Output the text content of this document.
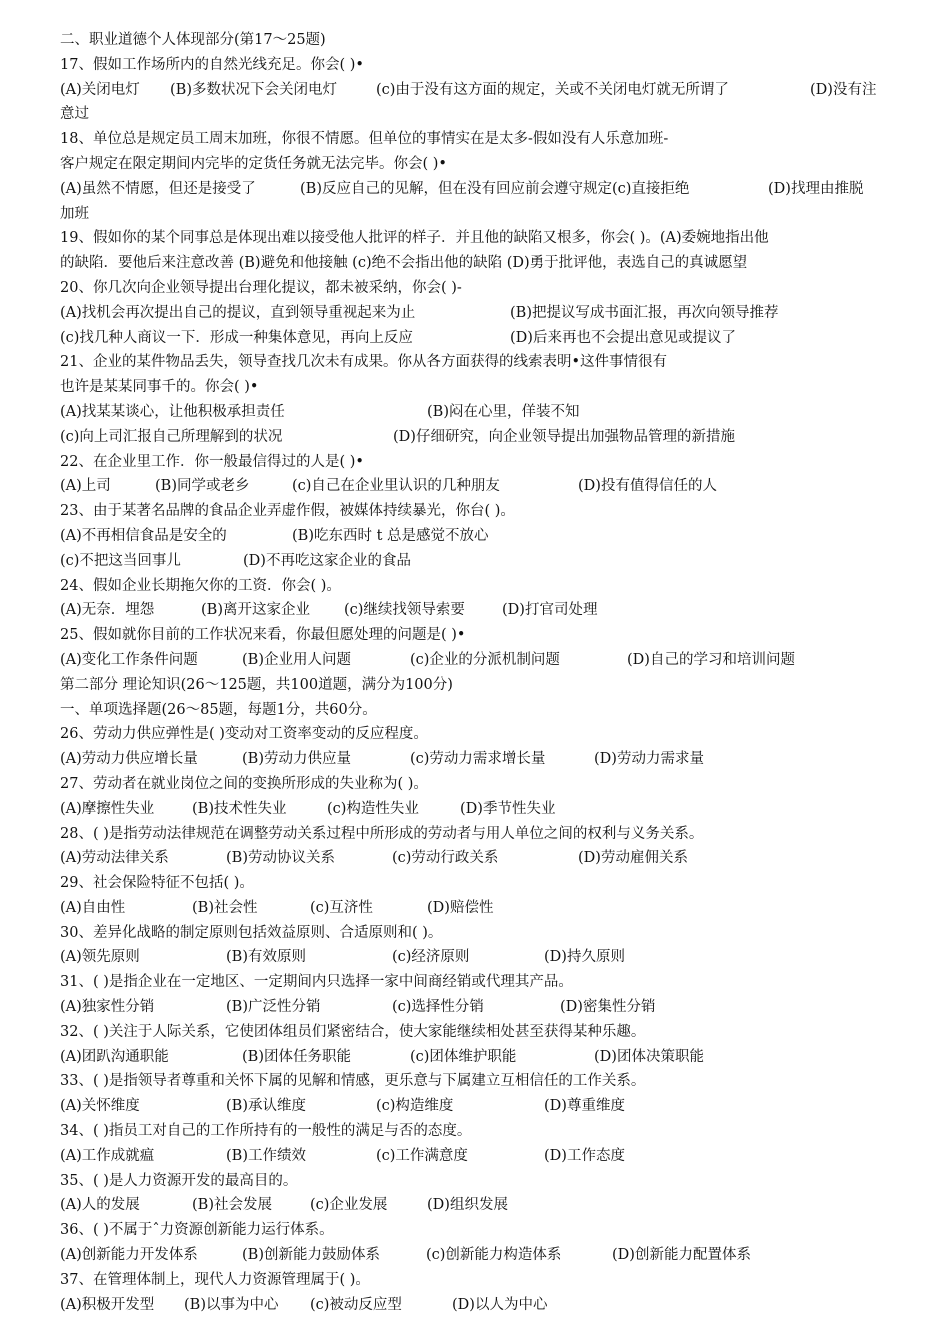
二、职业道德个人体现部分(第17～25题)
17、假如工作场所内的自然光线充足。你会( )•
(A)关闭电灯 (B)多数状况下会关闭电灯	(c)由于没有这方面的规定，关或不关闭电灯就无所谓了	(D)没有注
意过
18、单位总是规定员工周末加班，你很不情愿。但单位的事情实在是太多-假如没有人乐意加班-
客户规定在限定期间内完毕的定货任务就无法完毕。你会( )•
(A)虽然不情愿，但还是接受了	(B)反应自己的见解，但在没有回应前会遵守规定(c)直接拒绝	(D)找理由推脱
加班
19、假如你的某个同事总是体现出难以接受他人批评的样子．并且他的缺陷又根多，你会( )。(A)委婉地指出他
的缺陷．要他后来注意改善 (B)避免和他接触 (c)绝不会指出他的缺陷 (D)勇于批评他，表选自己的真诚愿望
20、你几次向企业领导提出台理化提议，都未被采纳，你会( )-
(A)找机会再次提出自己的提议，直到领导重视起来为止	(B)把提议写成书面汇报，再次向领导推荐
(c)找几种人商议一下．形成一种集体意见，再向上反应	(D)后来再也不会提出意见或提议了
21、企业的某件物品丢失，领导查找几次未有成果。你从各方面获得的线索表明•这件事情很有
也许是某某同事千的。你会( )•
(A)找某某谈心，让他积极承担责任	(B)闷在心里，佯装不知
(c)向上司汇报自己所理解到的状况	(D)仔细研究，向企业领导提出加强物品管理的新措施
22、在企业里工作．你一般最信得过的人是( )•
(A)上司	(B)同学或老乡	(c)自己在企业里认识的几种朋友	(D)投有值得信任的人
23、由于某著名品牌的食品企业弄虚作假，被媒体持续暴光，你台( )。
(A)不再相信食品是安全的	(B)吃东西时 t 总是感觉不放心
(c)不把这当回事儿	(D)不再吃这家企业的食品
24、假如企业长期拖欠你的工资．你会( )。
(A)无奈．埋怨	(B)离开这家企业 (c)继续找领导索要	(D)打官司处理
25、假如就你目前的工作状况来看，你最但愿处理的问题是( )•
(A)变化工作条件问题	(B)企业用人问题	(c)企业的分派机制问题	(D)自己的学习和培训问题
第二部分 理论知识(26～125题，共100道题，满分为100分)
一、单项选择题(26～85题，每题1分，共60分。
26、劳动力供应弹性是( )变动对工资率变动的反应程度。
(A)劳动力供应增长量	(B)劳动力供应量	(c)劳动力需求增长量	(D)劳动力需求量
27、劳动者在就业岗位之间的变换所形成的失业称为( )。
(A)摩擦性失业	(B)技术性失业	(c)构造性失业	(D)季节性失业
28、( )是指劳动法律规范在调整劳动关系过程中所形成的劳动者与用人单位之间的权利与义务关系。
(A)劳动法律关系	(B)劳动协议关系	(c)劳动行政关系	(D)劳动雇佣关系
29、社会保险特征不包括( )。
(A)自由性	(B)社会性	(c)互济性	(D)赔偿性
30、差异化战略的制定原则包括效益原则、合适原则和( )。
(A)领先原则	(B)有效原则	(c)经济原则	(D)持久原则
31、( )是指企业在一定地区、一定期间内只选择一家中间商经销或代理其产品。
(A)独家性分销	(B)广泛性分销	(c)选择性分销	(D)密集性分销
32、( )关注于人际关系，它使团体组员们紧密结合，使大家能继续相处甚至获得某种乐趣。
(A)团趴沟通职能	(B)团体任务职能	(c)团体维护职能	(D)团体决策职能
33、( )是指领导者尊重和关怀下属的见解和情感，更乐意与下属建立互相信任的工作关系。
(A)关怀维度	(B)承认维度	(c)构造维度	(D)尊重维度
34、( )指员工对自己的工作所持有的一般性的满足与否的态度。
(A)工作成就瘟	(B)工作绩效	(c)工作满意度	(D)工作态度
35、( )是人力资源开发的最高目的。
(A)人的发展	(B)社会发展	(c)企业发展	(D)组织发展
36、( )不属于ˆ力资源创新能力运行体系。
(A)创新能力开发体系	(B)创新能力鼓励体系	(c)创新能力构造体系	(D)创新能力配置体系
37、在管理体制上，现代人力资源管理属于( )。
(A)积极开发型 (B)以事为中心 (c)被动反应型	(D)以人为中心
